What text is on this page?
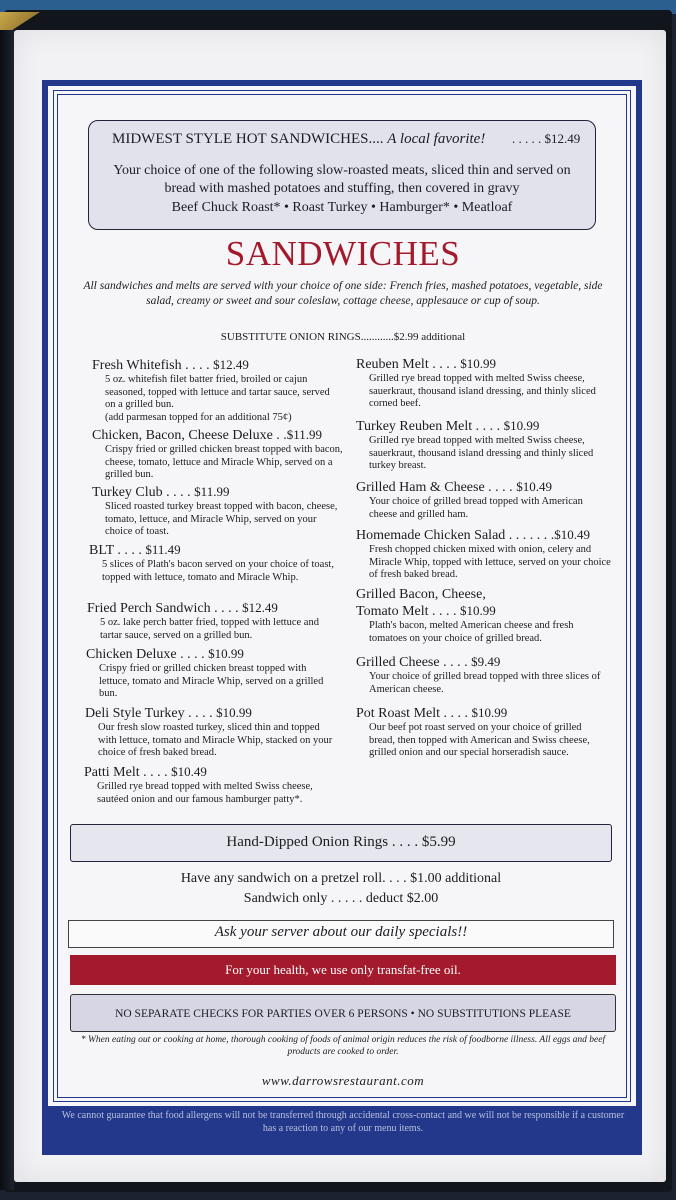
MIDWEST STYLE HOT SANDWICHES.... A local favorite! . . . . . $12.49
Your choice of one of the following slow-roasted meats, sliced thin and served on bread with mashed potatoes and stuffing, then covered in gravy
Beef Chuck Roast* • Roast Turkey • Hamburger* • Meatloaf
SANDWICHES
All sandwiches and melts are served with your choice of one side: French fries, mashed potatoes, vegetable, side salad, creamy or sweet and sour coleslaw, cottage cheese, applesauce or cup of soup.
SUBSTITUTE ONION RINGS............$2.99 additional
Fresh Whitefish . . . . $12.49
5 oz. whitefish filet batter fried, broiled or cajun seasoned, topped with lettuce and tartar sauce, served on a grilled bun.
(add parmesan topped for an additional 75¢)
Chicken, Bacon, Cheese Deluxe . .$11.99
Crispy fried or grilled chicken breast topped with bacon, cheese, tomato, lettuce and Miracle Whip, served on a grilled bun.
Turkey Club . . . . $11.99
Sliced roasted turkey breast topped with bacon, cheese, tomato, lettuce, and Miracle Whip, served on your choice of toast.
BLT . . . . $11.49
5 slices of Plath's bacon served on your choice of toast, topped with lettuce, tomato and Miracle Whip.
Fried Perch Sandwich . . . . $12.49
5 oz. lake perch batter fried, topped with lettuce and tartar sauce, served on a grilled bun.
Chicken Deluxe . . . . $10.99
Crispy fried or grilled chicken breast topped with lettuce, tomato and Miracle Whip, served on a grilled bun.
Deli Style Turkey . . . . $10.99
Our fresh slow roasted turkey, sliced thin and topped with lettuce, tomato and Miracle Whip, stacked on your choice of fresh baked bread.
Patti Melt . . . . $10.49
Grilled rye bread topped with melted Swiss cheese, sautéed onion and our famous hamburger patty*.
Reuben Melt . . . . $10.99
Grilled rye bread topped with melted Swiss cheese, sauerkraut, thousand island dressing, and thinly sliced corned beef.
Turkey Reuben Melt . . . . $10.99
Grilled rye bread topped with melted Swiss cheese, sauerkraut, thousand island dressing and thinly sliced turkey breast.
Grilled Ham & Cheese . . . . $10.49
Your choice of grilled bread topped with American cheese and grilled ham.
Homemade Chicken Salad . . . . . . .$10.49
Fresh chopped chicken mixed with onion, celery and Miracle Whip, topped with lettuce, served on your choice of fresh baked bread.
Grilled Bacon, Cheese,
Tomato Melt . . . . $10.99
Plath's bacon, melted American cheese and fresh tomatoes on your choice of grilled bread.
Grilled Cheese . . . . $9.49
Your choice of grilled bread topped with three slices of American cheese.
Pot Roast Melt . . . . $10.99
Our beef pot roast served on your choice of grilled bread, then topped with American and Swiss cheese, grilled onion and our special horseradish sauce.
Hand-Dipped Onion Rings . . . . $5.99
Have any sandwich on a pretzel roll. . . . $1.00 additional
Sandwich only . . . . . deduct $2.00
Ask your server about our daily specials!!
For your health, we use only transfat-free oil.
NO SEPARATE CHECKS FOR PARTIES OVER 6 PERSONS • NO SUBSTITUTIONS PLEASE
* When eating out or cooking at home, thorough cooking of foods of animal origin reduces the risk of foodborne illness. All eggs and beef products are cooked to order.
www.darrowsrestaurant.com
We cannot guarantee that food allergens will not be transferred through accidental cross-contact and we will not be responsible if a customer has a reaction to any of our menu items.
